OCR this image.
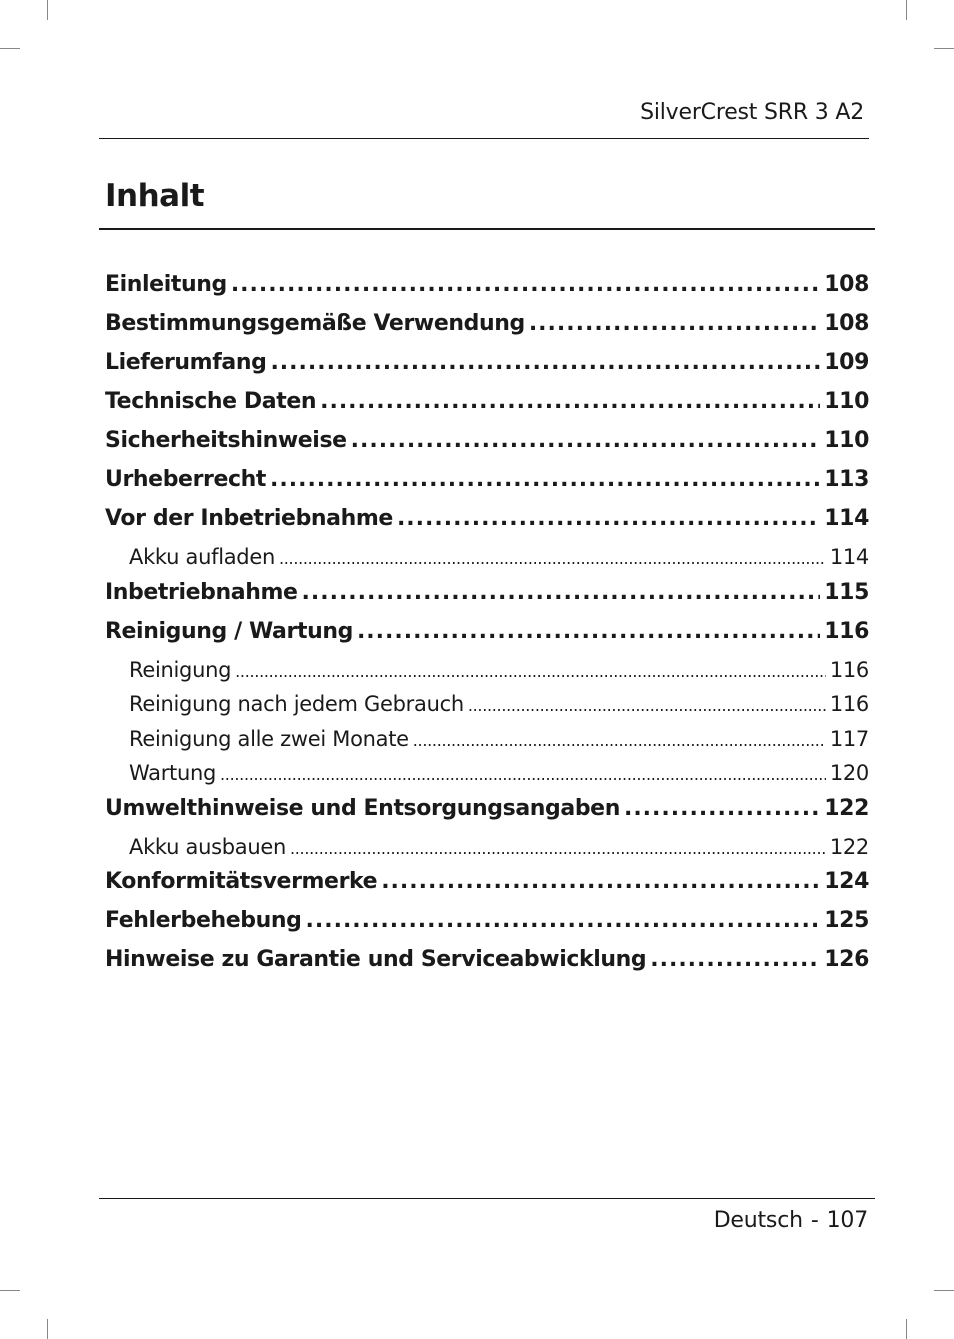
SilverCrest SRR 3 A2
Inhalt
Einleitung .....	108
Bestimmungsgemäße Verwendung .....	108
Lieferumfang .....	109
Technische Daten .....	110
Sicherheitshinweise .....	110
Urheberrecht .....	113
Vor der Inbetriebnahme .....	114
Akku aufladen .....	114
Inbetriebnahme .....	115
Reinigung / Wartung .....	116
Reinigung .....	116
Reinigung nach jedem Gebrauch .....	116
Reinigung alle zwei Monate .....	117
Wartung .....	120
Umwelthinweise und Entsorgungsangaben .....	122
Akku ausbauen .....	122
Konformitätsvermerke .....	124
Fehlerbehebung .....	125
Hinweise zu Garantie und Serviceabwicklung .....	126
Deutsch - 107
